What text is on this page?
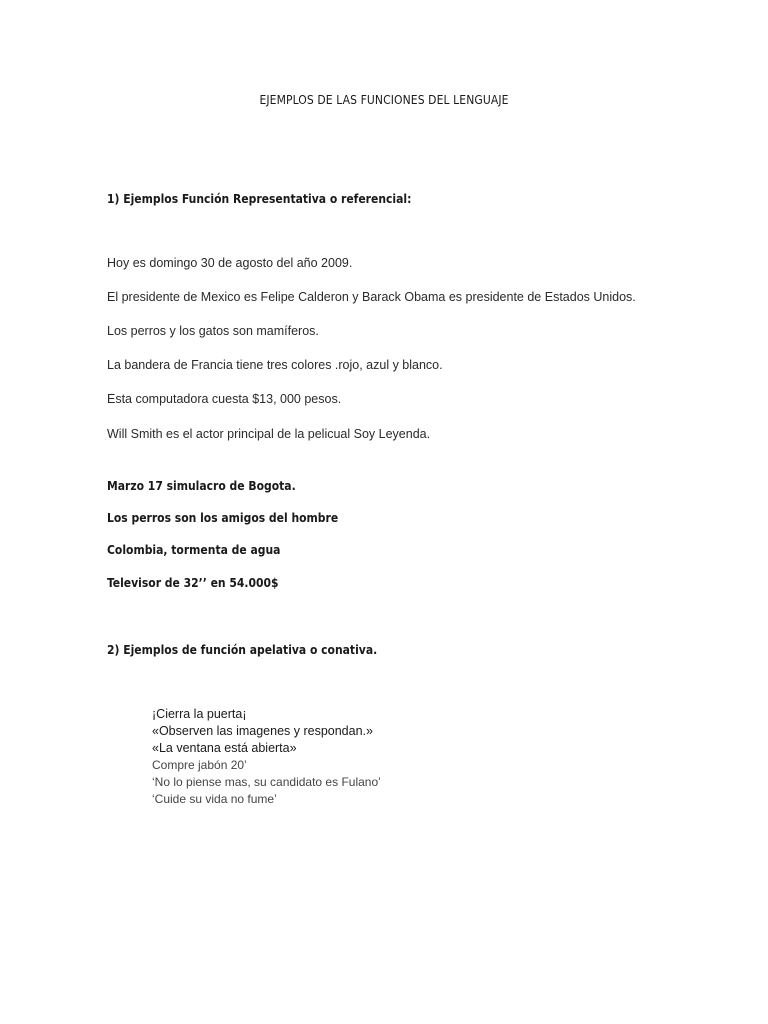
EJEMPLOS DE LAS FUNCIONES DEL LENGUAJE
1) Ejemplos Función Representativa o referencial:
Hoy es domingo 30 de agosto del año 2009.
El presidente de Mexico es Felipe Calderon y Barack Obama es presidente de Estados Unidos.
Los perros y los gatos son mamíferos.
La bandera de Francia tiene tres colores .rojo, azul y blanco.
Esta computadora cuesta $13, 000 pesos.
Will Smith es el actor principal de la pelicual Soy Leyenda.
Marzo 17 simulacro de Bogota.
Los perros son los amigos del hombre
Colombia, tormenta de agua
Televisor de 32’’ en 54.000$
2) Ejemplos de función apelativa o conativa.
¡Cierra la puerta¡
«Observen las imagenes y respondan.»
«La ventana está abierta»
Compre jabón 20’
‘No lo piense mas, su candidato es Fulano’
‘Cuide su vida no fume’
